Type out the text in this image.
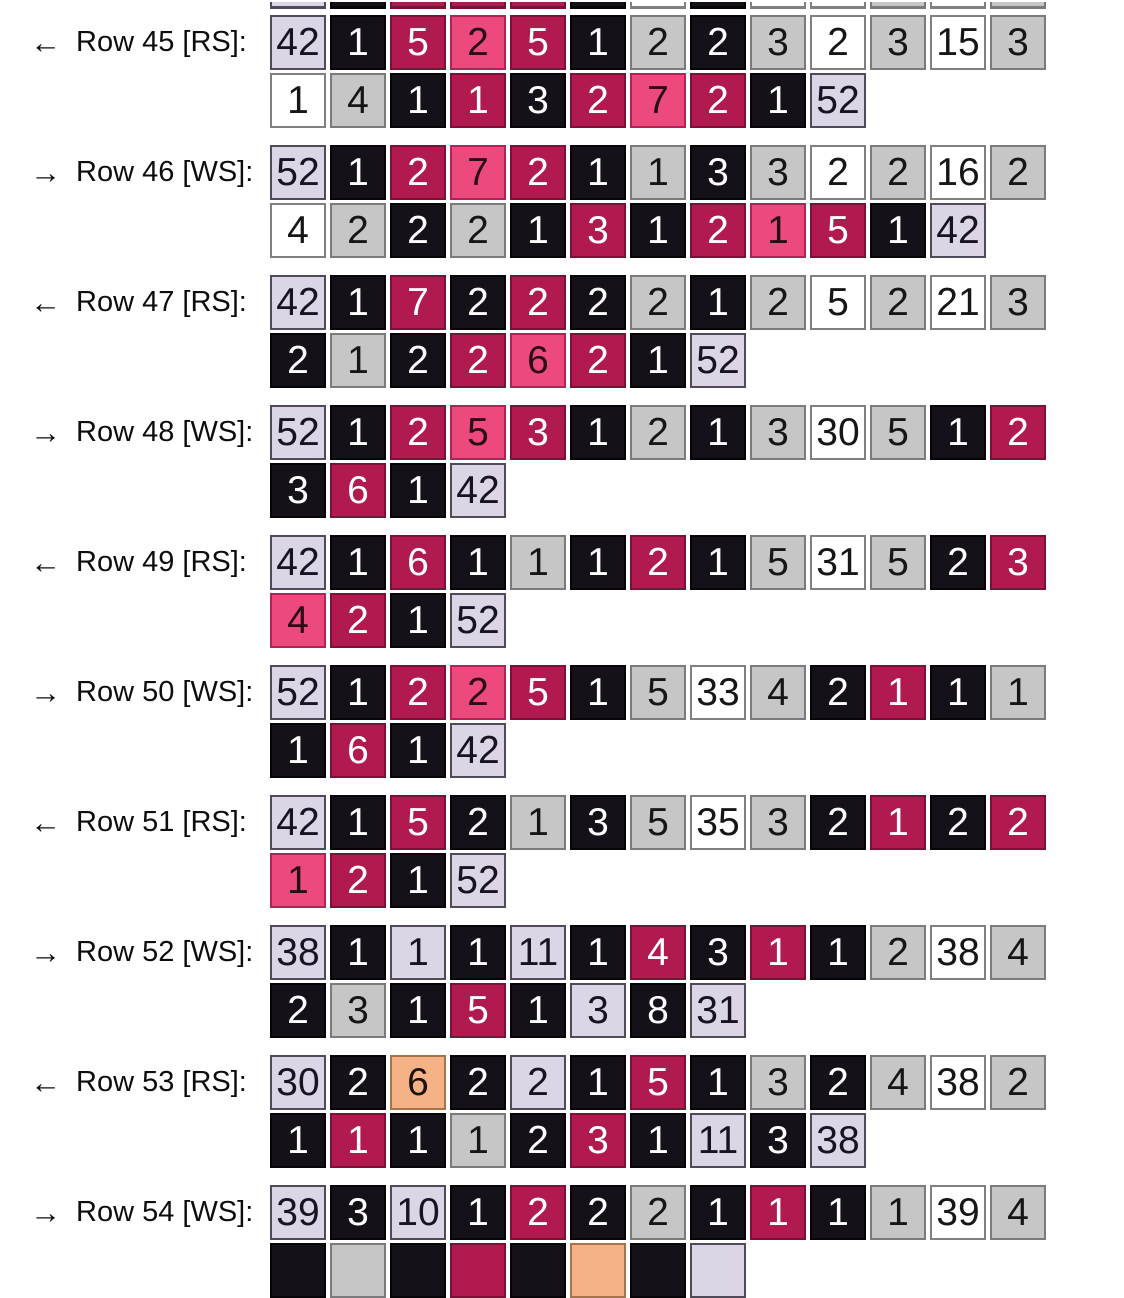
← Row 45 [RS]: 42 1 5 2 5 1 2 2 3 2 3 15 3
1 4 1 1 3 2 7 2 1 52
→ Row 46 [WS]: 52 1 2 7 2 1 1 3 3 2 2 16 2
4 2 2 2 1 3 1 2 1 5 1 42
← Row 47 [RS]: 42 1 7 2 2 2 2 1 2 5 2 21 3
2 1 2 2 6 2 1 52
→ Row 48 [WS]: 52 1 2 5 3 1 2 1 3 30 5 1 2
3 6 1 42
← Row 49 [RS]: 42 1 6 1 1 1 2 1 5 31 5 2 3
4 2 1 52
→ Row 50 [WS]: 52 1 2 2 5 1 5 33 4 2 1 1 1
1 6 1 42
← Row 51 [RS]: 42 1 5 2 1 3 5 35 3 2 1 2 2
1 2 1 52
→ Row 52 [WS]: 38 1 1 1 11 1 4 3 1 1 2 38 4
2 3 1 5 1 3 8 31
← Row 53 [RS]: 30 2 6 2 2 1 5 1 3 2 4 38 2
1 1 1 1 2 3 1 11 3 38
→ Row 54 [WS]: 39 3 10 1 2 2 2 1 1 1 1 39 4
